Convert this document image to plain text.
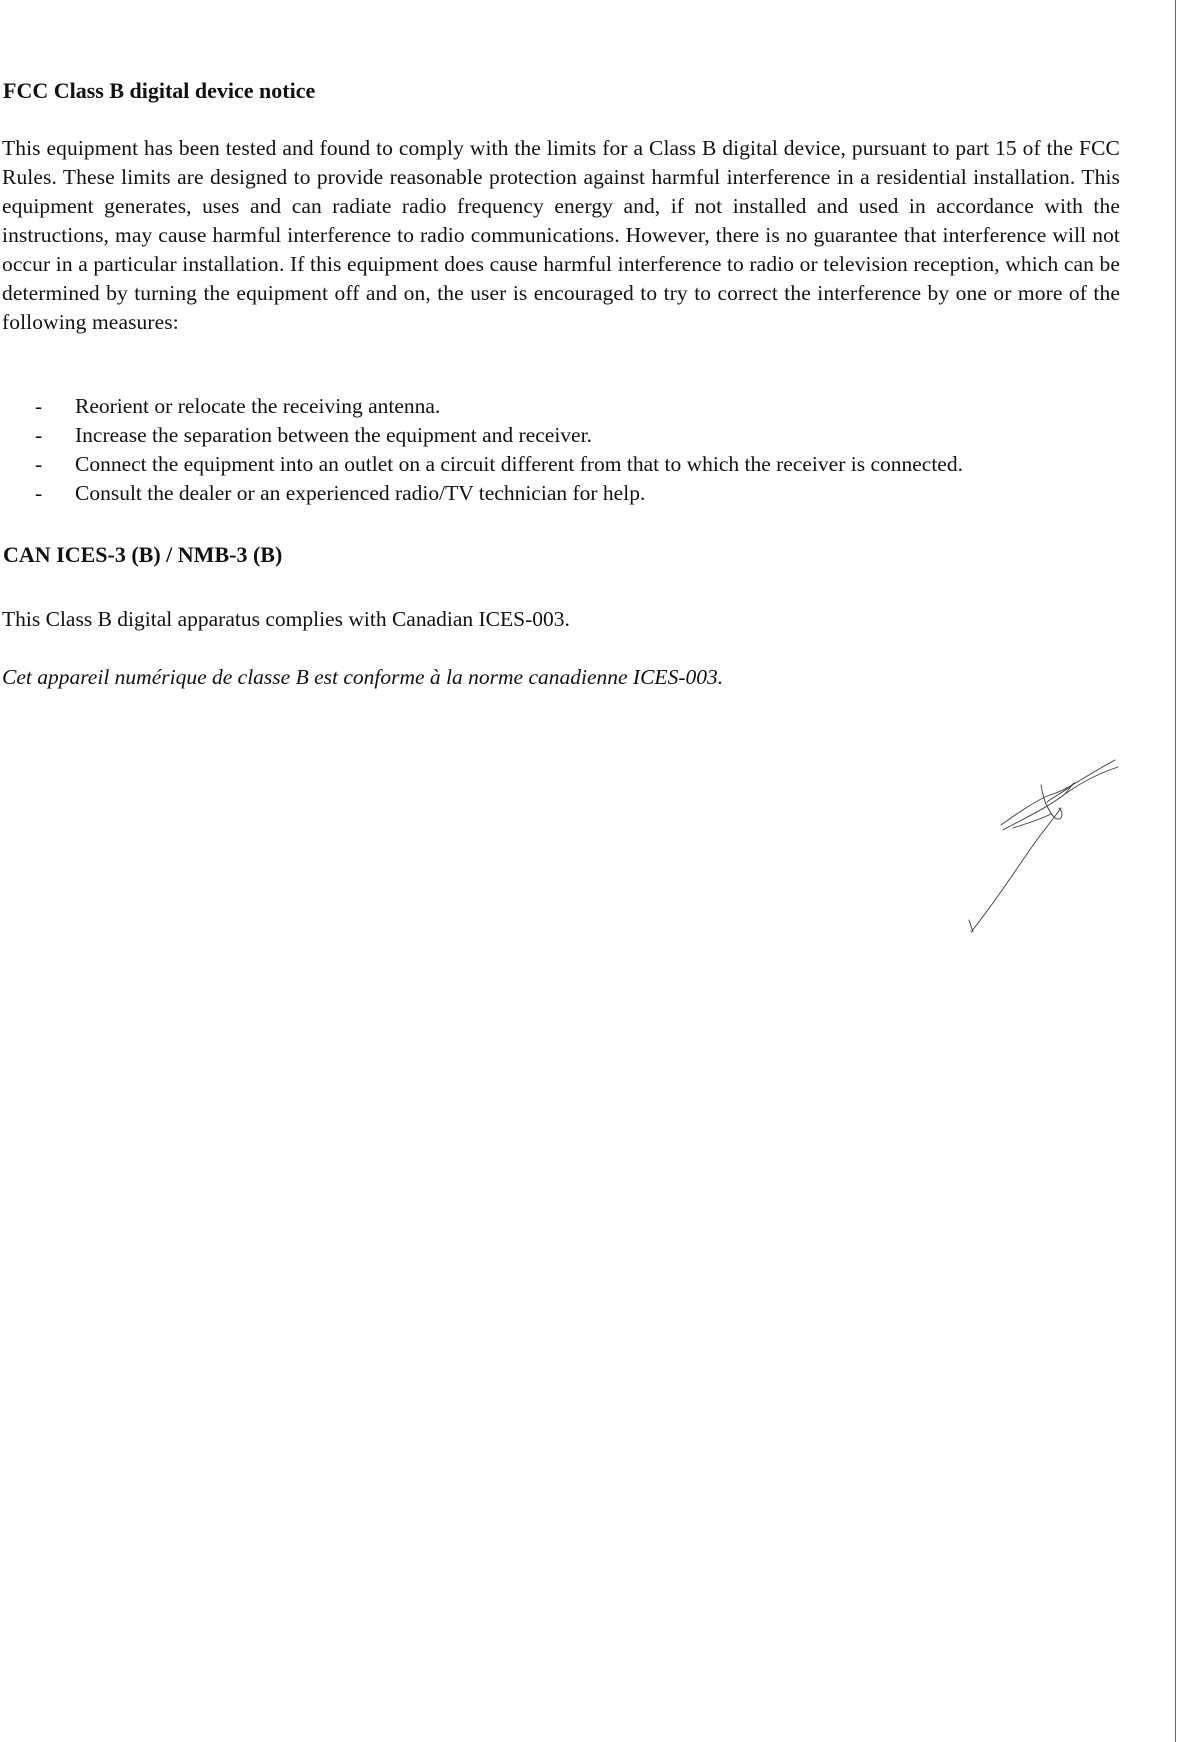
FCC Class B digital device notice

This equipment has been tested and found to comply with the limits for a Class B digital device, pursuant to part 15 of the FCC Rules. These limits are designed to provide reasonable protection against harmful interference in a residential installation. This equipment generates, uses and can radiate radio frequency energy and, if not installed and used in accordance with the instructions, may cause harmful interference to radio communications. However, there is no guarantee that interference will not occur in a particular installation. If this equipment does cause harmful interference to radio or television reception, which can be determined by turning the equipment off and on, the user is encouraged to try to correct the interference by one or more of the following measures:

- Reorient or relocate the receiving antenna.
- Increase the separation between the equipment and receiver.
- Connect the equipment into an outlet on a circuit different from that to which the receiver is connected.
- Consult the dealer or an experienced radio/TV technician for help.
CAN ICES-3 (B) / NMB-3 (B)

This Class B digital apparatus complies with Canadian ICES-003.

Cet appareil numérique de classe B est conforme à la norme canadienne ICES-003.
